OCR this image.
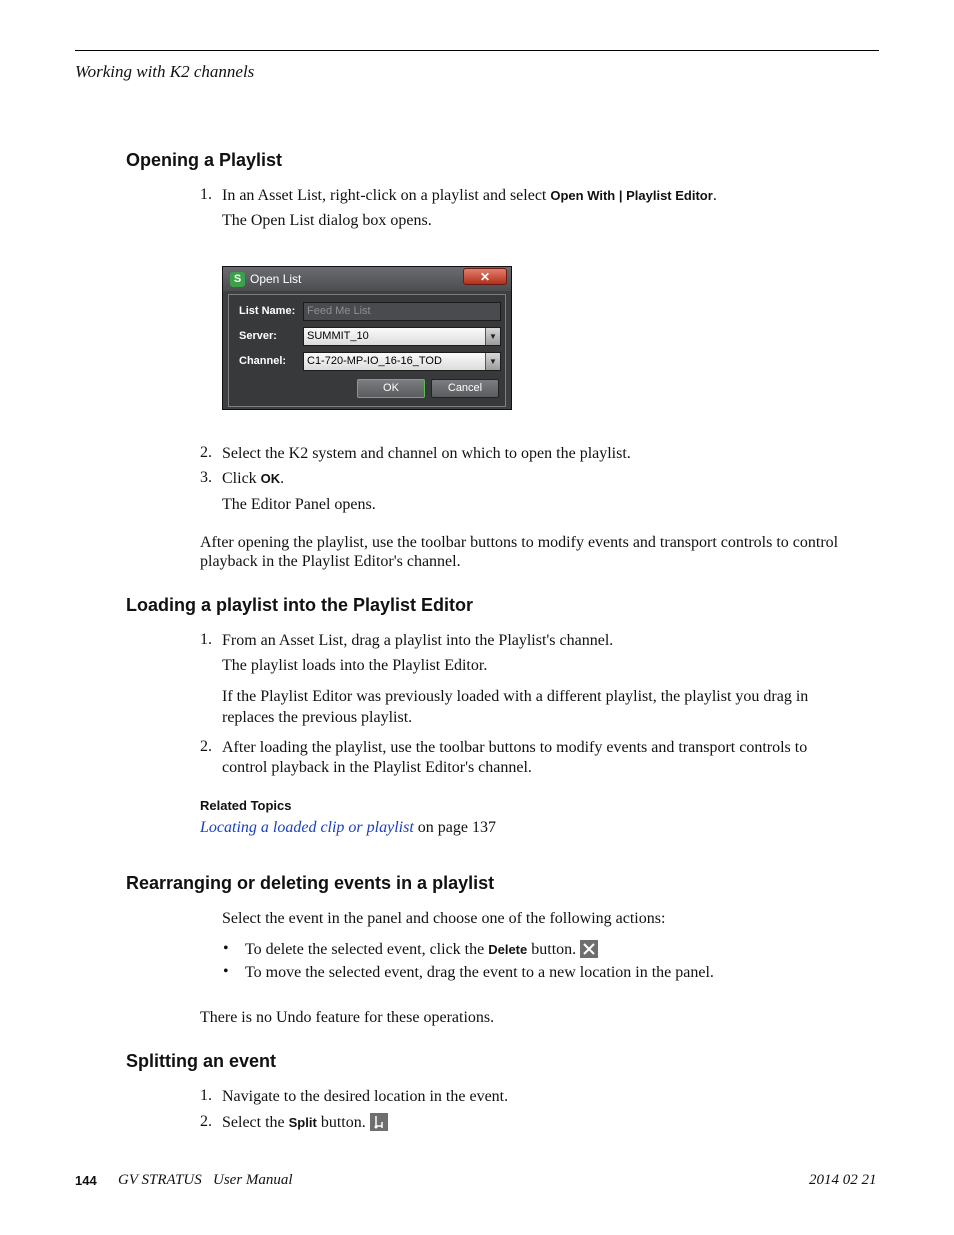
Working with K2 channels
Opening a Playlist
1. In an Asset List, right-click on a playlist and select Open With | Playlist Editor.
The Open List dialog box opens.
S Open List	✕
List Name:	Feed Me List
Server:	SUMMIT_10	▼
Channel:	C1-720-MP-IO_16-16_TOD	▼
OK	Cancel
2. Select the K2 system and channel on which to open the playlist.
3. Click OK.
The Editor Panel opens.
After opening the playlist, use the toolbar buttons to modify events and transport controls to control
playback in the Playlist Editor's channel.
Loading a playlist into the Playlist Editor
1. From an Asset List, drag a playlist into the Playlist's channel.
The playlist loads into the Playlist Editor.
If the Playlist Editor was previously loaded with a different playlist, the playlist you drag in
replaces the previous playlist.
2. After loading the playlist, use the toolbar buttons to modify events and transport controls to
control playback in the Playlist Editor's channel.
Related Topics
Locating a loaded clip or playlist on page 137
Rearranging or deleting events in a playlist
Select the event in the panel and choose one of the following actions:
• To delete the selected event, click the Delete button.
• To move the selected event, drag the event to a new location in the panel.
There is no Undo feature for these operations.
Splitting an event
1. Navigate to the desired location in the event.
2. Select the Split button.
144 GV STRATUS   User Manual	2014 02 21
